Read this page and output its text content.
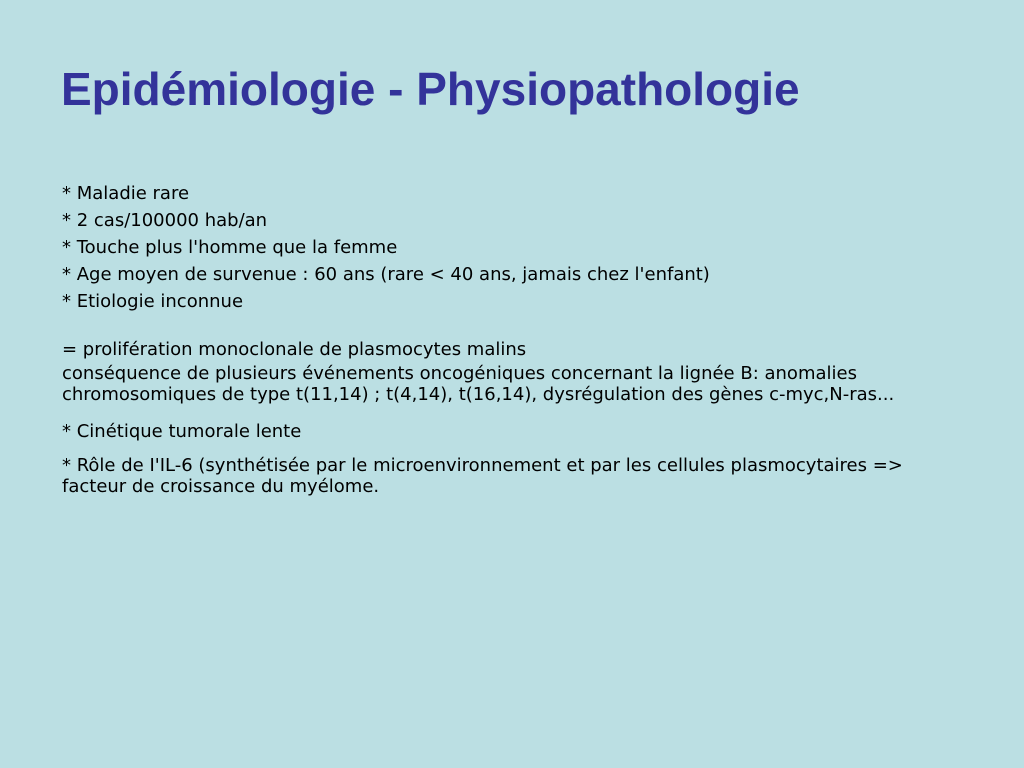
Epidémiologie - Physiopathologie

* Maladie rare

* 2 cas/100000 hab/an

* Touche plus l'homme que la femme

* Age moyen de survenue : 60 ans (rare < 40 ans, jamais chez l'enfant)

* Etiologie inconnue

= prolifération monoclonale de plasmocytes malins

conséquence de plusieurs événements oncogéniques concernant la lignée B: anomalies chromosomiques de type t(11,14) ; t(4,14), t(16,14), dysrégulation des gènes c-myc,N-ras...

* Cinétique tumorale lente

* Rôle de I'IL-6 (synthétisée par le microenvironnement et par les cellules plasmocytaires => facteur de croissance du myélome.
